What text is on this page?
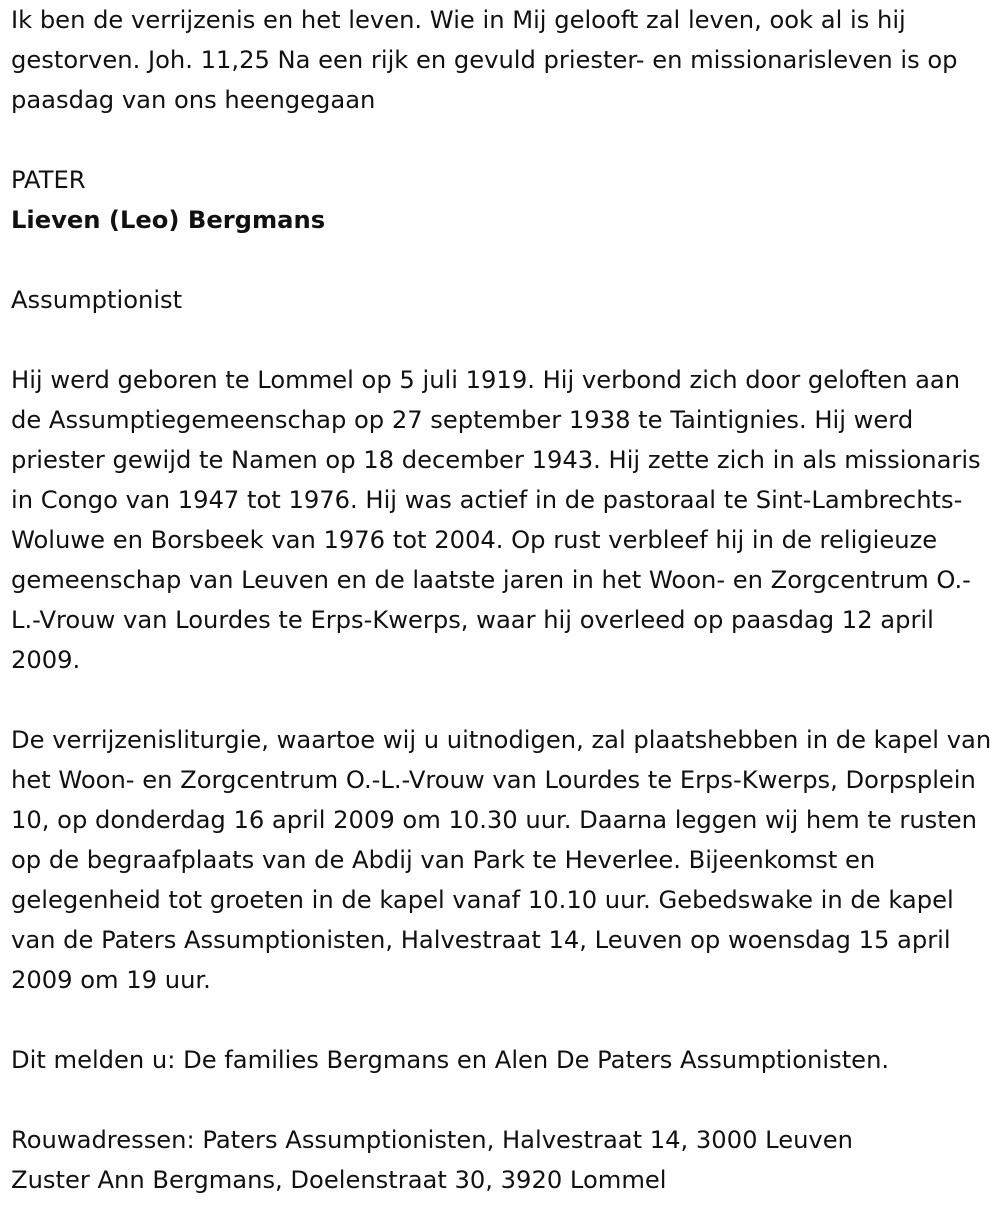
Ik ben de verrijzenis en het leven. Wie in Mij gelooft zal leven, ook al is hij gestorven. Joh. 11,25 Na een rijk en gevuld priester- en missionarisleven is op paasdag van ons heengegaan

PATER

Lieven (Leo) Bergmans

Assumptionist

Hij werd geboren te Lommel op 5 juli 1919. Hij verbond zich door geloften aan de Assumptiegemeenschap op 27 september 1938 te Taintignies. Hij werd priester gewijd te Namen op 18 december 1943. Hij zette zich in als missionaris in Congo van 1947 tot 1976. Hij was actief in de pastoraal te Sint-Lambrechts-Woluwe en Borsbeek van 1976 tot 2004. Op rust verbleef hij in de religieuze gemeenschap van Leuven en de laatste jaren in het Woon- en Zorgcentrum O.-L.-Vrouw van Lourdes te Erps-Kwerps, waar hij overleed op paasdag 12 april 2009.

De verrijzenisliturgie, waartoe wij u uitnodigen, zal plaatshebben in de kapel van het Woon- en Zorgcentrum O.-L.-Vrouw van Lourdes te Erps-Kwerps, Dorpsplein 10, op donderdag 16 april 2009 om 10.30 uur. Daarna leggen wij hem te rusten op de begraafplaats van de Abdij van Park te Heverlee. Bijeenkomst en gelegenheid tot groeten in de kapel vanaf 10.10 uur. Gebedswake in de kapel van de Paters Assumptionisten, Halvestraat 14, Leuven op woensdag 15 april 2009 om 19 uur.

Dit melden u: De families Bergmans en Alen De Paters Assumptionisten.

Rouwadressen: Paters Assumptionisten, Halvestraat 14, 3000 Leuven
Zuster Ann Bergmans, Doelenstraat 30, 3920 Lommel
